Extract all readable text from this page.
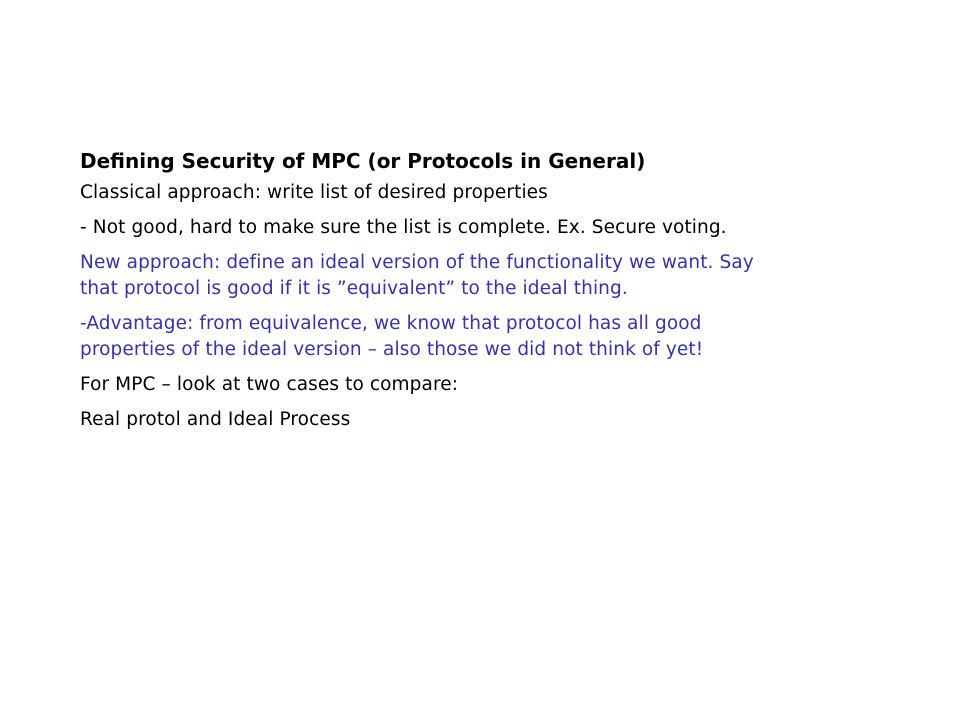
Defining Security of MPC (or Protocols in General)
Classical approach: write list of desired properties
- Not good, hard to make sure the list is complete. Ex. Secure voting.
New approach: define an ideal version of the functionality we want. Say
that protocol is good if it is ”equivalent” to the ideal thing.
-Advantage: from equivalence, we know that protocol has all good
properties of the ideal version – also those we did not think of yet!
For MPC – look at two cases to compare:
Real protol and Ideal Process
